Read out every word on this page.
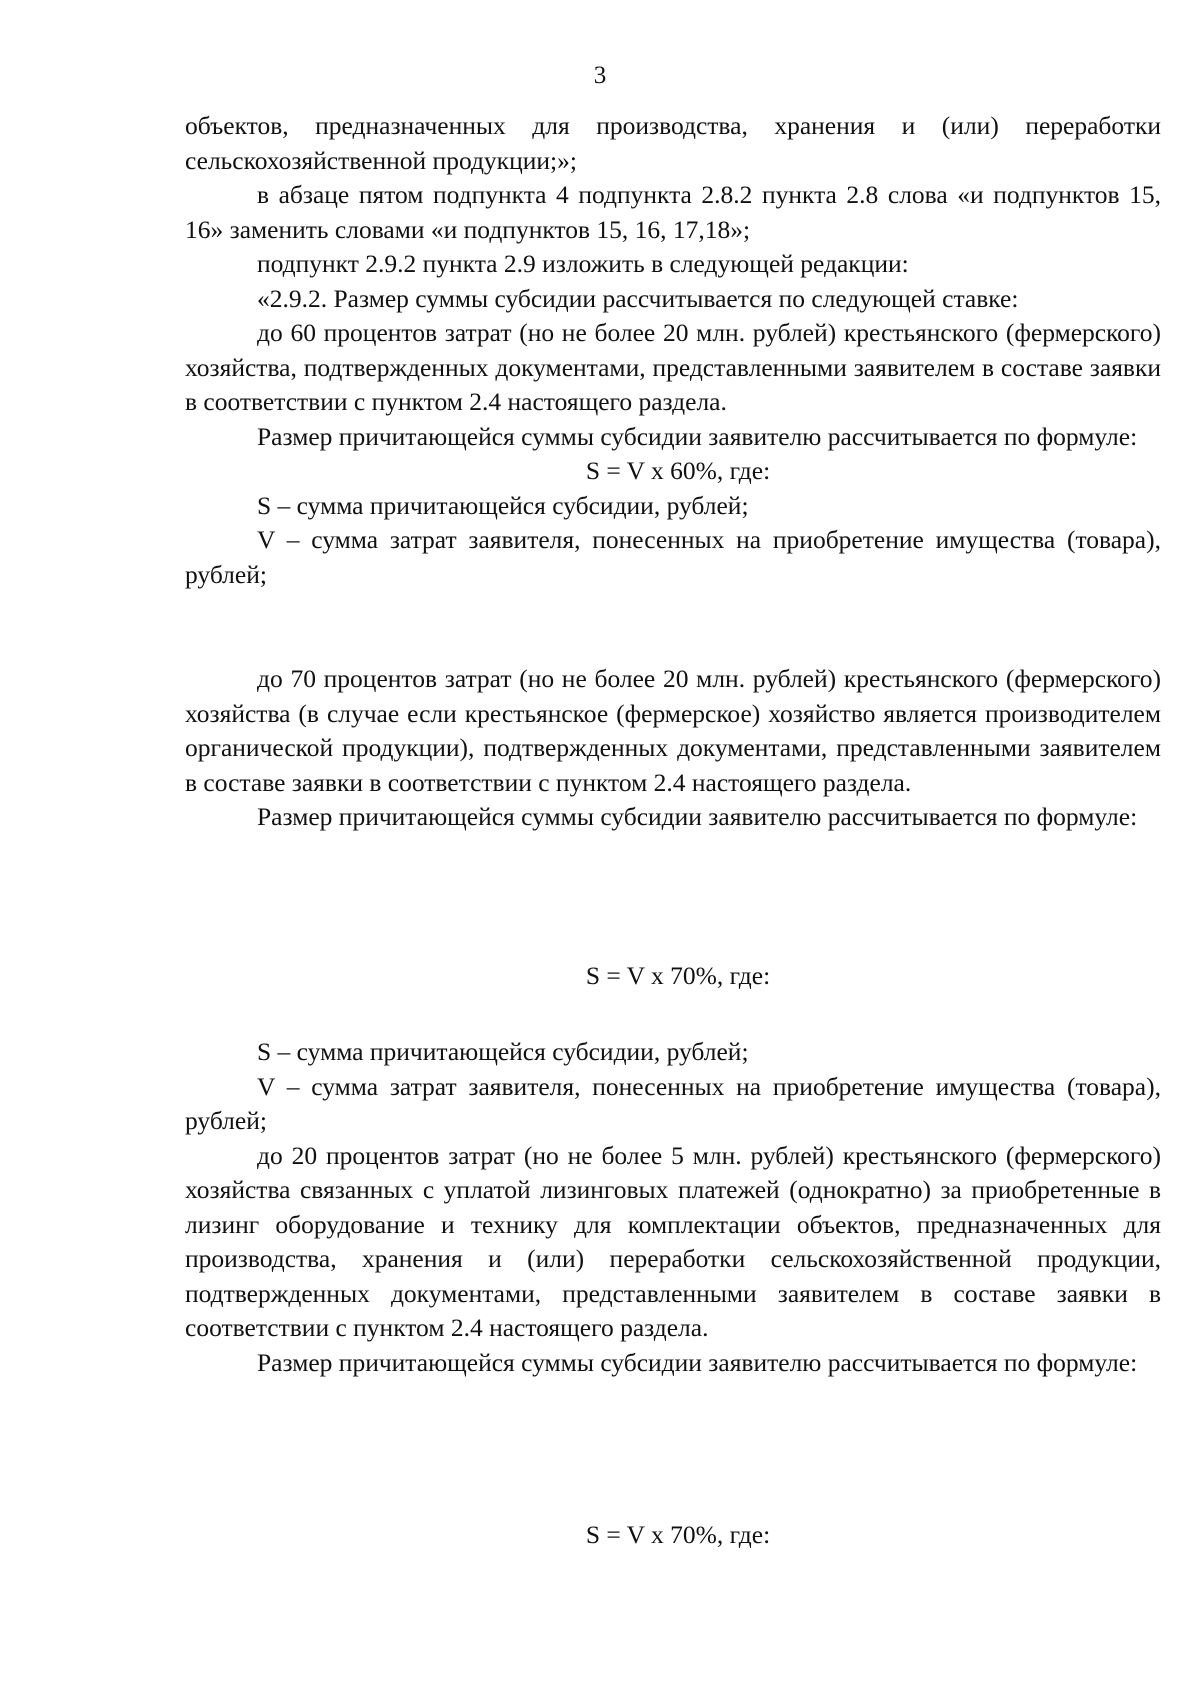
3

объектов, предназначенных для производства, хранения и (или) переработки сельскохозяйственной продукции;»;

в абзаце пятом подпункта 4 подпункта 2.8.2 пункта 2.8 слова «и подпунктов 15, 16» заменить словами «и подпунктов 15, 16, 17,18»;

подпункт 2.9.2 пункта 2.9 изложить в следующей редакции:

«2.9.2. Размер суммы субсидии рассчитывается по следующей ставке:

до 60 процентов затрат (но не более 20 млн. рублей) крестьянского (фермерского) хозяйства, подтвержденных документами, представленными заявителем в составе заявки в соответствии с пунктом 2.4 настоящего раздела.

Размер причитающейся суммы субсидии заявителю рассчитывается по формуле:

S = V x 60%, где:

S – сумма причитающейся субсидии, рублей;

V – сумма затрат заявителя, понесенных на приобретение имущества (товара), рублей;

до 70 процентов затрат (но не более 20 млн. рублей) крестьянского (фермерского) хозяйства (в случае если крестьянское (фермерское) хозяйство является производителем органической продукции), подтвержденных документами, представленными заявителем в составе заявки в соответствии с пунктом 2.4 настоящего раздела.

Размер причитающейся суммы субсидии заявителю рассчитывается по формуле:

S = V x 70%, где:

S – сумма причитающейся субсидии, рублей;

V – сумма затрат заявителя, понесенных на приобретение имущества (товара), рублей;

до 20 процентов затрат (но не более 5 млн. рублей) крестьянского (фермерского) хозяйства связанных с уплатой лизинговых платежей (однократно) за приобретенные в лизинг оборудование и технику для комплектации объектов, предназначенных для производства, хранения и (или) переработки сельскохозяйственной продукции, подтвержденных документами, представленными заявителем в составе заявки в соответствии с пунктом 2.4 настоящего раздела.

Размер причитающейся суммы субсидии заявителю рассчитывается по формуле:

S = V x 70%, где:
